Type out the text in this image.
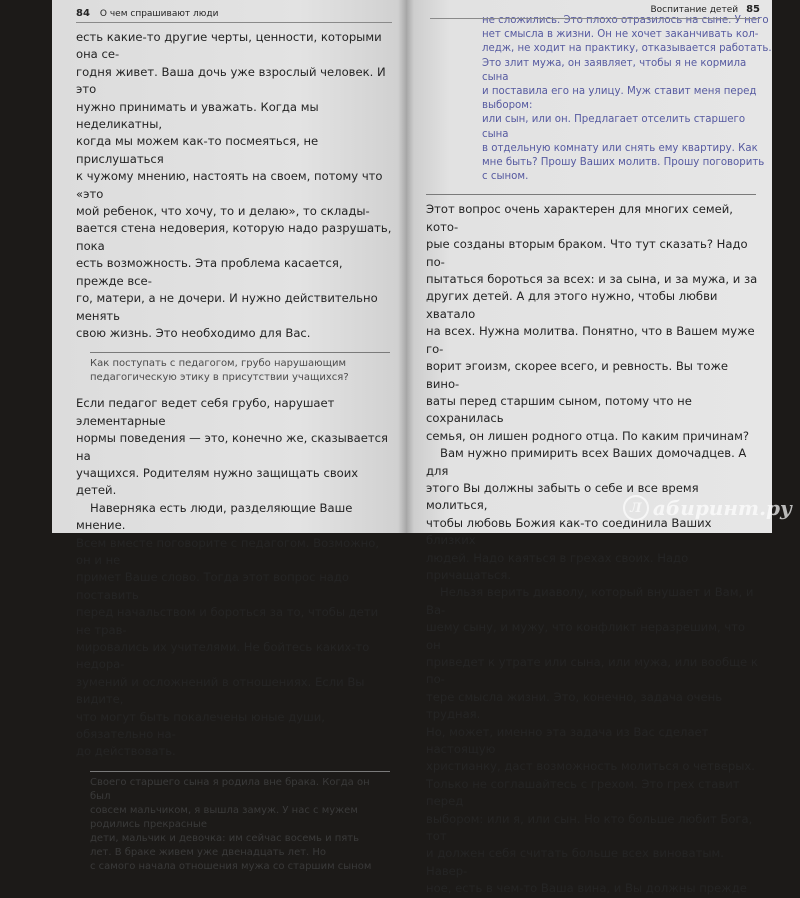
84 О чем спрашивают люди

есть какие-то другие черты, ценности, которыми она се-

годня живет. Ваша дочь уже взрослый человек. И это

нужно принимать и уважать. Когда мы неделикатны,

когда мы можем как-то посмеяться, не прислушаться

к чужому мнению, настоять на своем, потому что «это

мой ребенок, что хочу, то и делаю», то склады-

вается стена недоверия, которую надо разрушать, пока

есть возможность. Эта проблема касается, прежде все-

го, матери, а не дочери. И нужно действительно менять

свою жизнь. Это необходимо для Вас.

Как поступать с педагогом, грубо нарушающим педагогическую этику в присутствии учащихся?

Если педагог ведет себя грубо, нарушает элементарные

нормы поведения — это, конечно же, сказывается на

учащихся. Родителям нужно защищать своих детей.

Наверняка есть люди, разделяющие Ваше мнение.

Всем вместе поговорите с педагогом. Возможно, он и не

примет Ваше слово. Тогда этот вопрос надо поставить

перед начальством и бороться за то, чтобы дети не трав-

мировались их учителями. Не бойтесь каких-то недора-

зумений и осложнений в отношениях. Если Вы видите,

что могут быть покалечены юные души, обязательно на-

до действовать.

Своего старшего сына я родила вне брака. Когда он был
совсем мальчиком, я вышла замуж. У нас с мужем родились прекрасные
дети, мальчик и девочка: им сейчас восемь и пять
лет. В браке живем уже двенадцать лет. Но
с самого начала отношения мужа со старшим сыном
Воспитание детей 85
не сложились. Это плохо отразилось на сыне. У него
нет смысла в жизни. Он не хочет заканчивать кол-
ледж, не ходит на практику, отказывается работать.
Это злит мужа, он заявляет, чтобы я не кормила сына
и поставила его на улицу. Муж ставит меня перед выбором:
или сын, или он. Предлагает отселить старшего сына
в отдельную комнату или снять ему квартиру. Как
мне быть? Прошу Ваших молитв. Прошу поговорить
с сыном.

Этот вопрос очень характерен для многих семей, кото-

рые созданы вторым браком. Что тут сказать? Надо по-

пытаться бороться за всех: и за сына, и за мужа, и за

других детей. А для этого нужно, чтобы любви хватало

на всех. Нужна молитва. Понятно, что в Вашем муже го-

ворит эгоизм, скорее всего, и ревность. Вы тоже вино-

ваты перед старшим сыном, потому что не сохранилась

семья, он лишен родного отца. По каким причинам?

Вам нужно примирить всех Ваших домочадцев. А для

этого Вы должны забыть о себе и все время молиться,

чтобы любовь Божия как-то соединила Ваших близких

людей. Надо каяться в грехах своих. Надо причащаться.

Нельзя верить диаволу, который внушает и Вам, и Ва-

шему сыну, и мужу, что конфликт неразрешим, что он

приведет к утрате или сына, или мужа, или вообще к по-

тере смысла жизни. Это, конечно, задача очень трудная.

Но, может, именно эта задача из Вас сделает настоящую

христианку, даст возможность молиться о четверых.

Только не соглашайтесь с грехом. Это грех ставит перед

выбором: или я, или сын. Но кто больше любит Бога, тот

и должен себя считать больше всех виноватым. Навер-

ное, есть в чем-то Ваша вина, и Вы должны прежде

Л абиринт.ру
